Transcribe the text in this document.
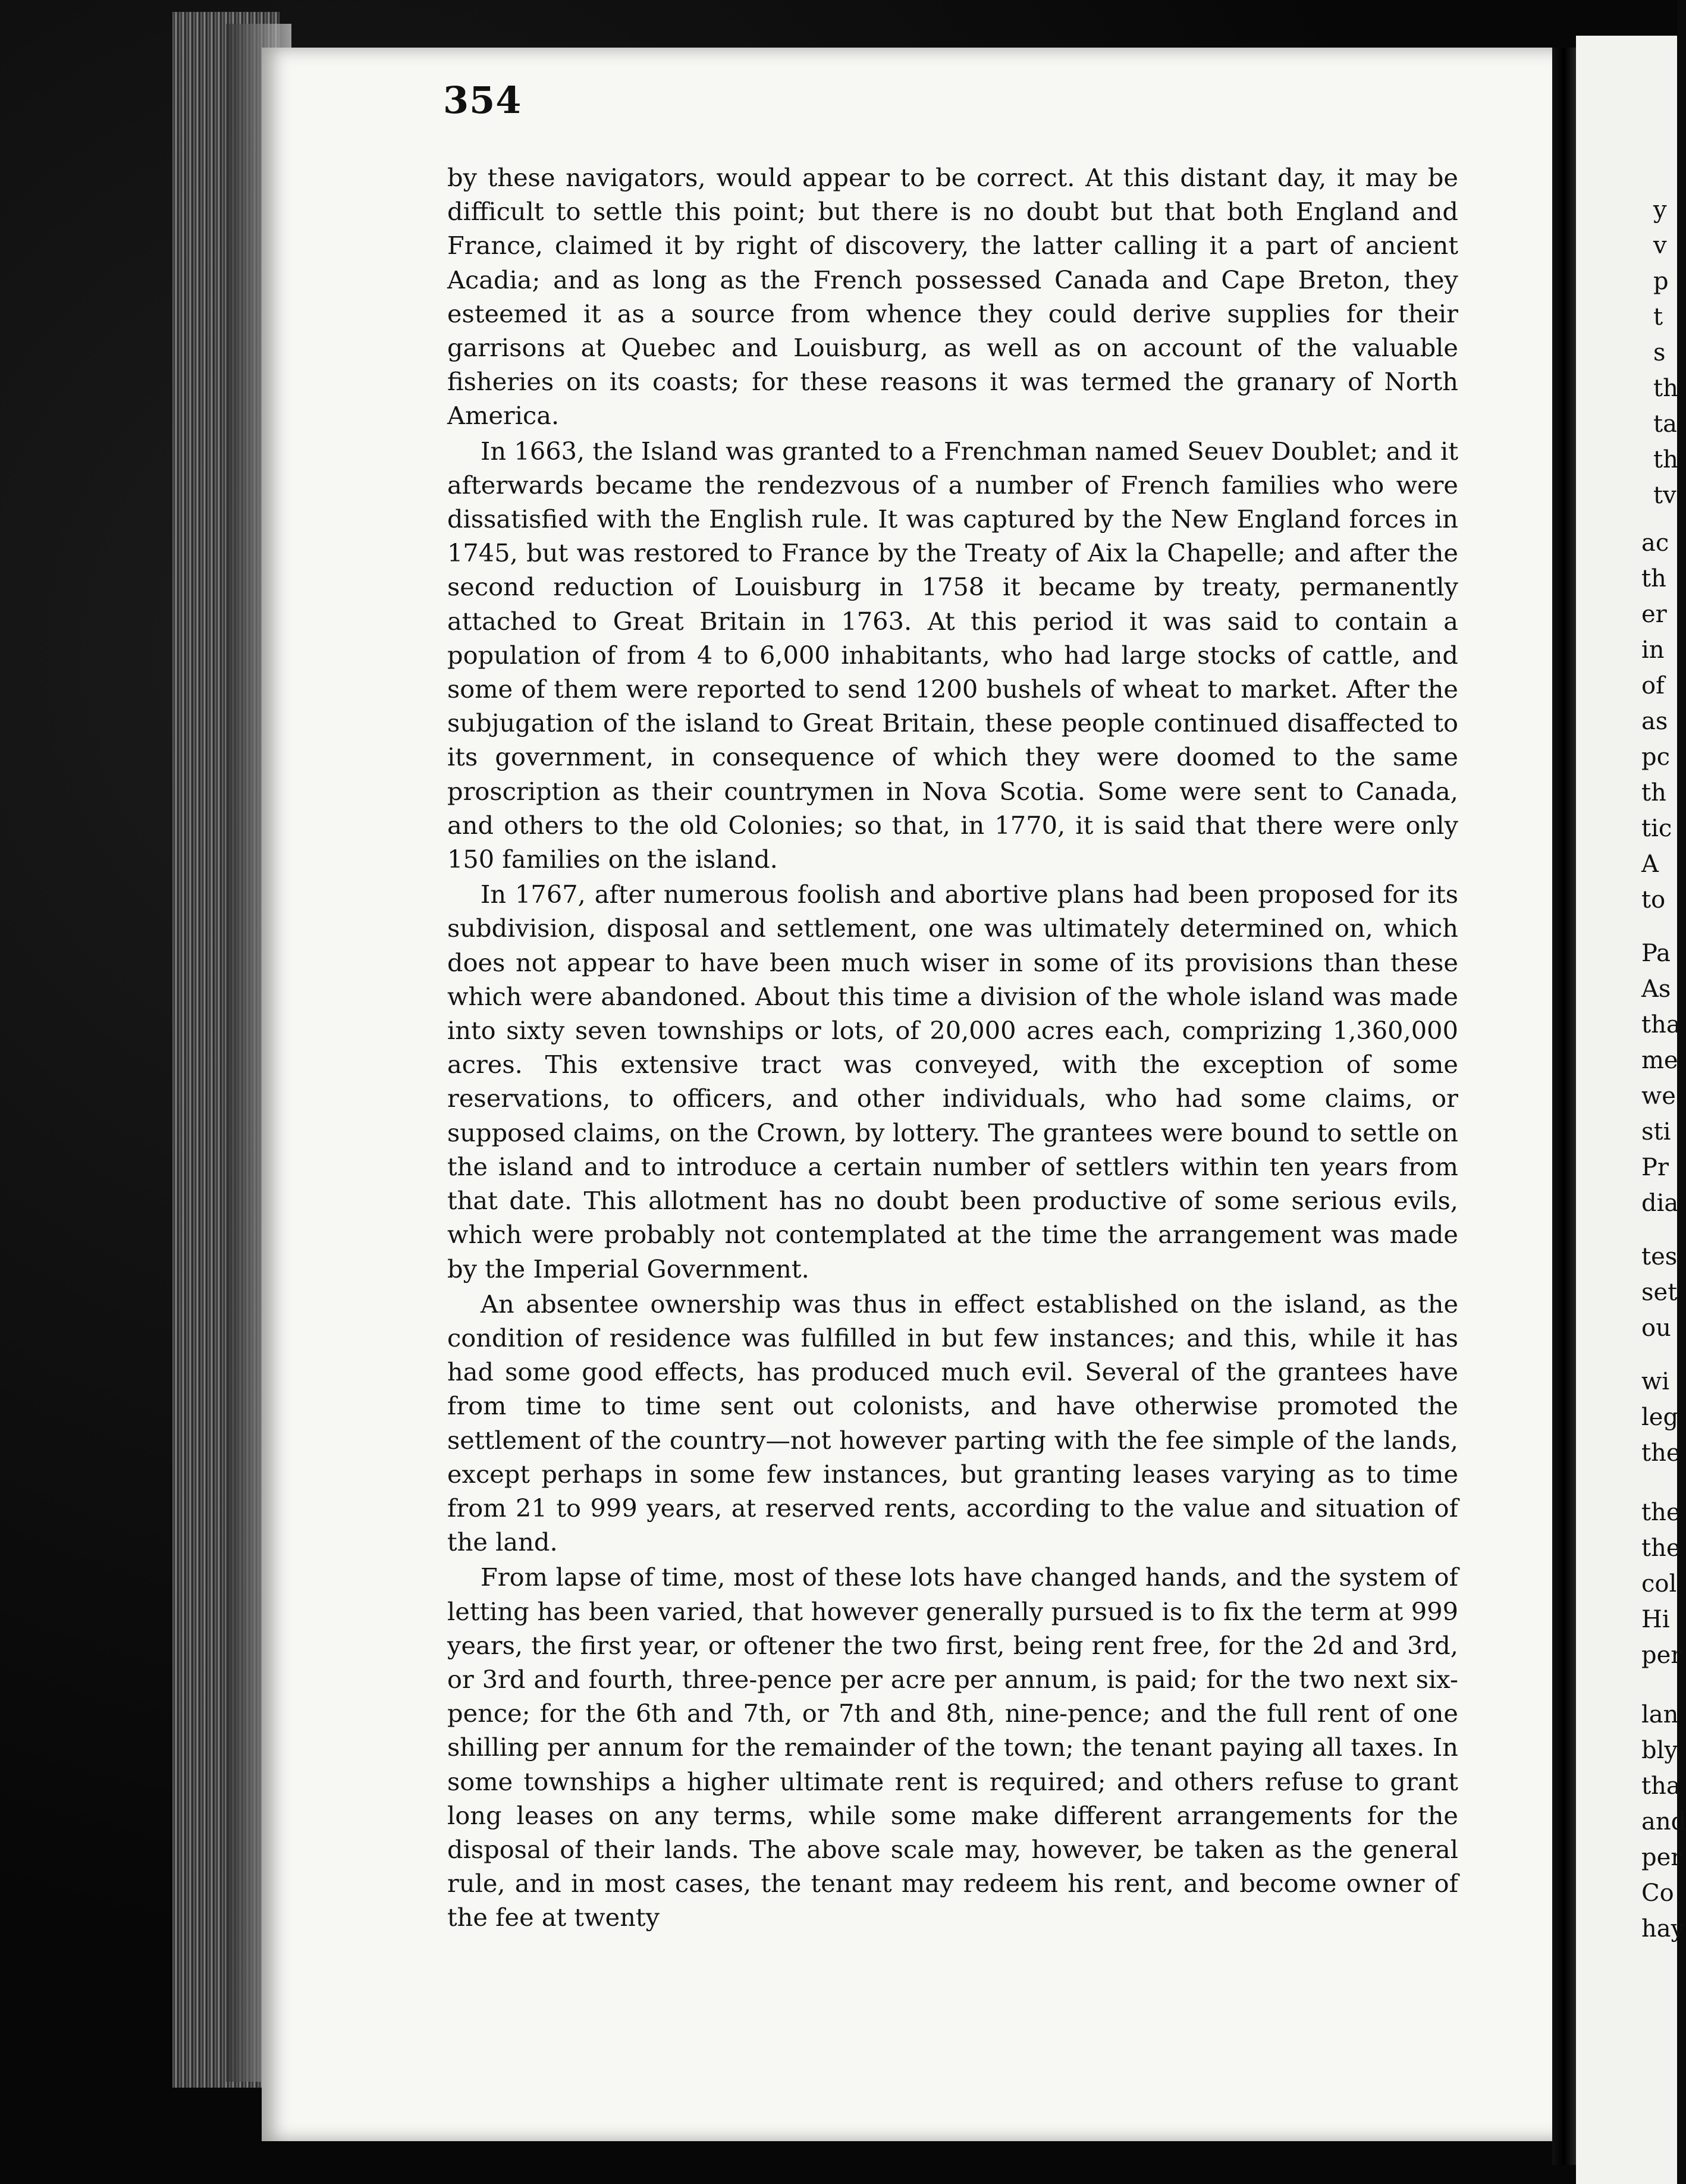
354

by these navigators, would appear to be correct. At this distant day, it may be difficult to settle this point; but there is no doubt but that both England and France, claimed it by right of discovery, the latter calling it a part of ancient Acadia; and as long as the French possessed Canada and Cape Breton, they esteemed it as a source from whence they could derive supplies for their garrisons at Quebec and Louisburg, as well as on account of the valuable fisheries on its coasts; for these reasons it was termed the granary of North America.

In 1663, the Island was granted to a Frenchman named Seuev Doublet; and it afterwards became the rendezvous of a number of French families who were dissatisfied with the English rule. It was captured by the New England forces in 1745, but was restored to France by the Treaty of Aix la Chapelle; and after the second reduction of Louisburg in 1758 it became by treaty, permanently attached to Great Britain in 1763. At this period it was said to contain a population of from 4 to 6,000 inhabitants, who had large stocks of cattle, and some of them were reported to send 1200 bushels of wheat to market. After the subjugation of the island to Great Britain, these people continued disaffected to its government, in consequence of which they were doomed to the same proscription as their countrymen in Nova Scotia. Some were sent to Canada, and others to the old Colonies; so that, in 1770, it is said that there were only 150 families on the island.

In 1767, after numerous foolish and abortive plans had been proposed for its subdivision, disposal and settlement, one was ultimately determined on, which does not appear to have been much wiser in some of its provisions than these which were abandoned. About this time a division of the whole island was made into sixty seven townships or lots, of 20,000 acres each, comprizing 1,360,000 acres. This extensive tract was conveyed, with the exception of some reservations, to officers, and other individuals, who had some claims, or supposed claims, on the Crown, by lottery. The grantees were bound to settle on the island and to introduce a certain number of settlers within ten years from that date. This allotment has no doubt been productive of some serious evils, which were probably not contemplated at the time the arrangement was made by the Imperial Government.

An absentee ownership was thus in effect established on the island, as the condition of residence was fulfilled in but few instances; and this, while it has had some good effects, has produced much evil. Several of the grantees have from time to time sent out colonists, and have otherwise promoted the settlement of the country—not however parting with the fee simple of the lands, except perhaps in some few instances, but granting leases varying as to time from 21 to 999 years, at reserved rents, according to the value and situation of the land.

From lapse of time, most of these lots have changed hands, and the system of letting has been varied, that however generally pursued is to fix the term at 999 years, the first year, or oftener the two first, being rent free, for the 2d and 3rd, or 3rd and fourth, three-pence per acre per annum, is paid; for the two next six-pence; for the 6th and 7th, or 7th and 8th, nine-pence; and the full rent of one shilling per annum for the remainder of the town; the tenant paying all taxes. In some townships a higher ultimate rent is required; and others refuse to grant long leases on any terms, while some make different arrangements for the disposal of their lands. The above scale may, however, be taken as the general rule, and in most cases, the tenant may redeem his rent, and become owner of the fee at twenty

y
v
p
t
s
th
ta
th
tv
ac
th
er
in
of
as
pc
th
tic
A
to
Pa
As
tha
me
we
sti
Pr
dia
tes
set
ou
wi
leg
the
the
the
col
Hi
per
lan
bly
tha
and
per
Co
hay
